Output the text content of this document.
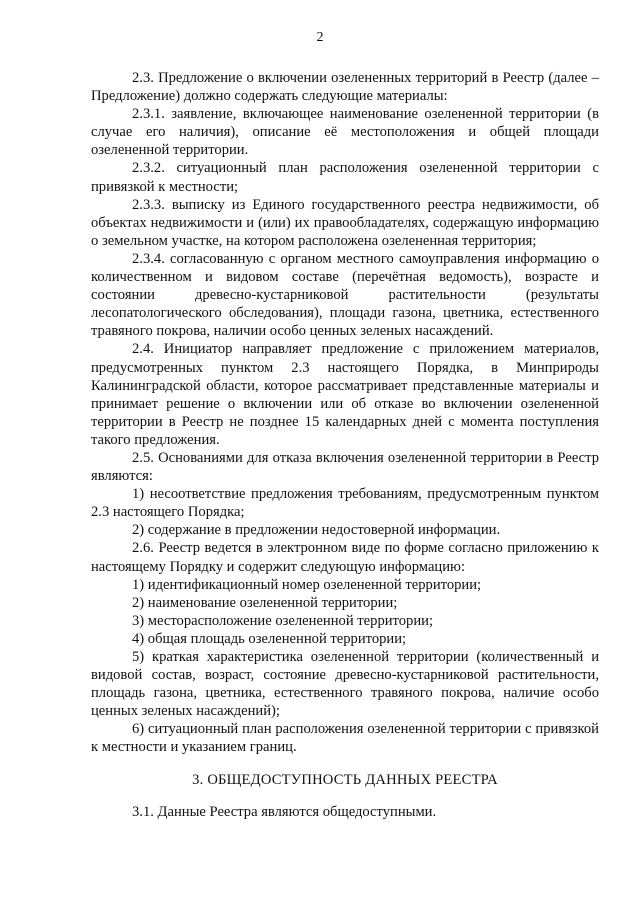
2

2.3. Предложение о включении озелененных территорий в Реестр (далее – Предложение) должно содержать следующие материалы:

2.3.1. заявление, включающее наименование озелененной территории (в случае его наличия), описание её местоположения и общей площади озелененной территории.

2.3.2. ситуационный план расположения озелененной территории с привязкой к местности;

2.3.3. выписку из Единого государственного реестра недвижимости, об объектах недвижимости и (или) их правообладателях, содержащую информацию о земельном участке, на котором расположена озелененная территория;

2.3.4. согласованную с органом местного самоуправления информацию о количественном и видовом составе (перечётная ведомость), возрасте и состоянии древесно-кустарниковой растительности (результаты лесопатологического обследования), площади газона, цветника, естественного травяного покрова, наличии особо ценных зеленых насаждений.

2.4. Инициатор направляет предложение с приложением материалов, предусмотренных пунктом 2.3 настоящего Порядка, в Минприроды Калининградской области, которое рассматривает представленные материалы и принимает решение о включении или об отказе во включении озелененной территории в Реестр не позднее 15 календарных дней с момента поступления такого предложения.

2.5. Основаниями для отказа включения озелененной территории в Реестр являются:

1) несоответствие предложения требованиям, предусмотренным пунктом 2.3 настоящего Порядка;

2) содержание в предложении недостоверной информации.

2.6. Реестр ведется в электронном виде по форме согласно приложению к настоящему Порядку и содержит следующую информацию:

1) идентификационный номер озелененной территории;

2) наименование озелененной территории;

3) месторасположение озелененной территории;

4) общая площадь озелененной территории;

5) краткая характеристика озелененной территории (количественный и видовой состав, возраст, состояние древесно-кустарниковой растительности, площадь газона, цветника, естественного травяного покрова, наличие особо ценных зеленых насаждений);

6) ситуационный план расположения озелененной территории с привязкой к местности и указанием границ.

3. ОБЩЕДОСТУПНОСТЬ ДАННЫХ РЕЕСТРА

3.1. Данные Реестра являются общедоступными.
